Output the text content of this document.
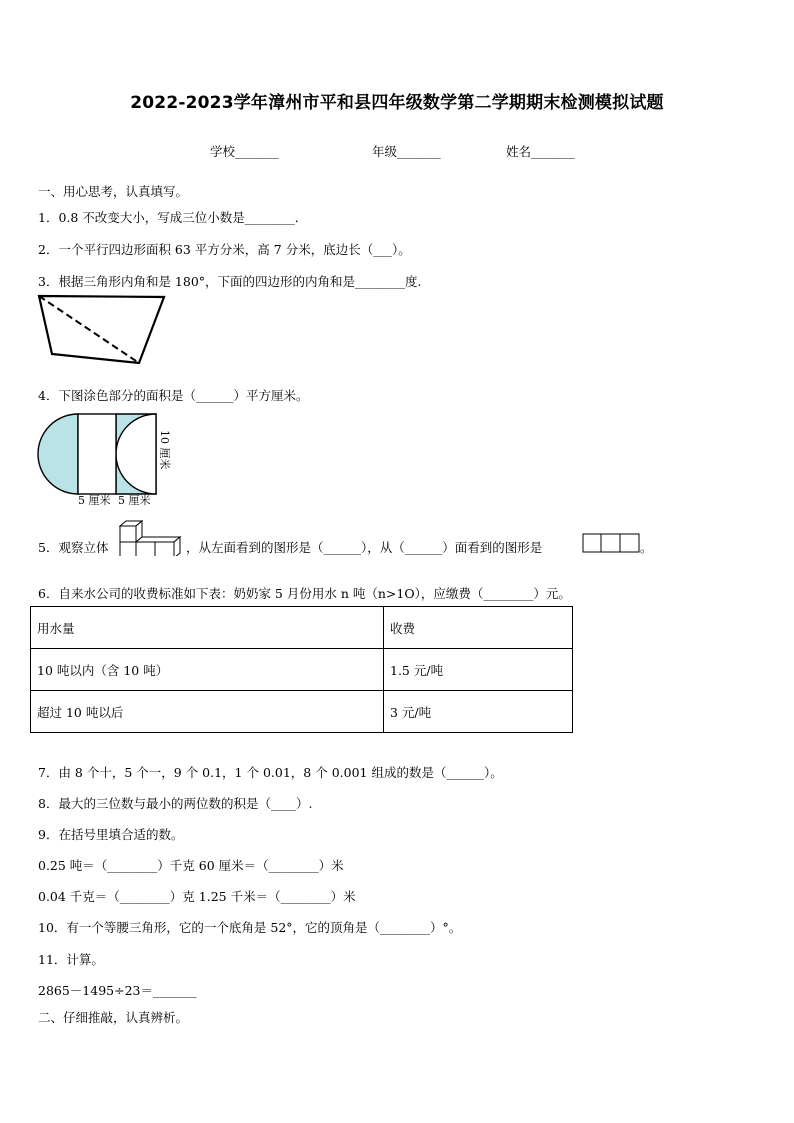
2022-2023学年漳州市平和县四年级数学第二学期期末检测模拟试题
学校_______	年级_______	姓名_______
一、用心思考，认真填写。
1．0.8 不改变大小，写成三位小数是________．
2．一个平行四边形面积 63 平方分米，高 7 分米，底边长（___）。
3．根据三角形内角和是 180°，下面的四边形的内角和是________度.
4．下图涂色部分的面积是（______）平方厘米。
5 厘米 5 厘米
10 厘米
5．观察立体	，从左面看到的图形是（______），从（______）面看到的图形是	。
6．自来水公司的收费标准如下表：奶奶家 5 月份用水 n 吨（n>1O），应缴费（________）元。
用水量	收费
10 吨以内（含 10 吨）	1.5 元/吨
超过 10 吨以后	3 元/吨
7．由 8 个十，5 个一，9 个 0.1，1 个 0.01，8 个 0.001 组成的数是（______）。
8．最大的三位数与最小的两位数的积是（____）.
9．在括号里填合适的数。
0.25 吨＝（________）千克 60 厘米＝（________）米
0.04 千克＝（________）克 1.25 千米＝（________）米
10．有一个等腰三角形，它的一个底角是 52°，它的顶角是（________）°。
11．计算。
2865－1495÷23＝_______
二、仔细推敲，认真辨析。
